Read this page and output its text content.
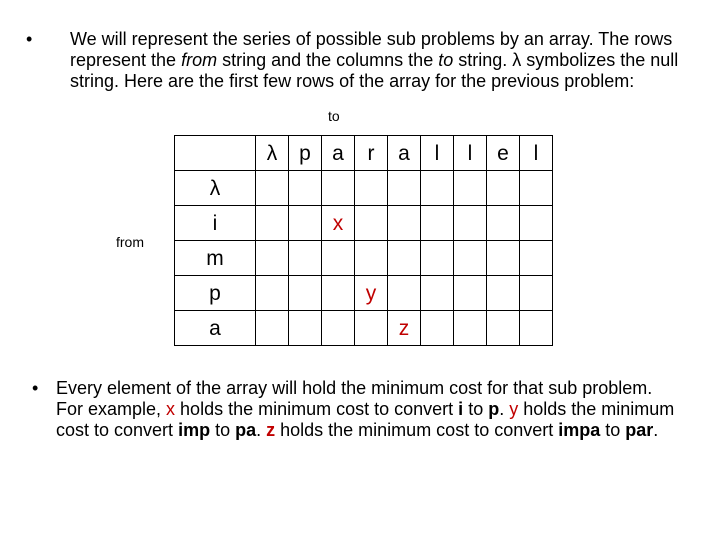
•	We will represent the series of possible sub problems by an array. The rows represent the from string and the columns the to string. λ symbolizes the null string. Here are the first few rows of the array for the previous problem:
to
from
	λ	p	a	r	a	l	l	e	l
λ									
i			x						
m									
p				y					
a					z				
• Every element of the array will hold the minimum cost for that sub problem. For example, x holds the minimum cost to convert i to p. y holds the minimum cost to convert imp to pa. z holds the minimum cost to convert impa to par.
